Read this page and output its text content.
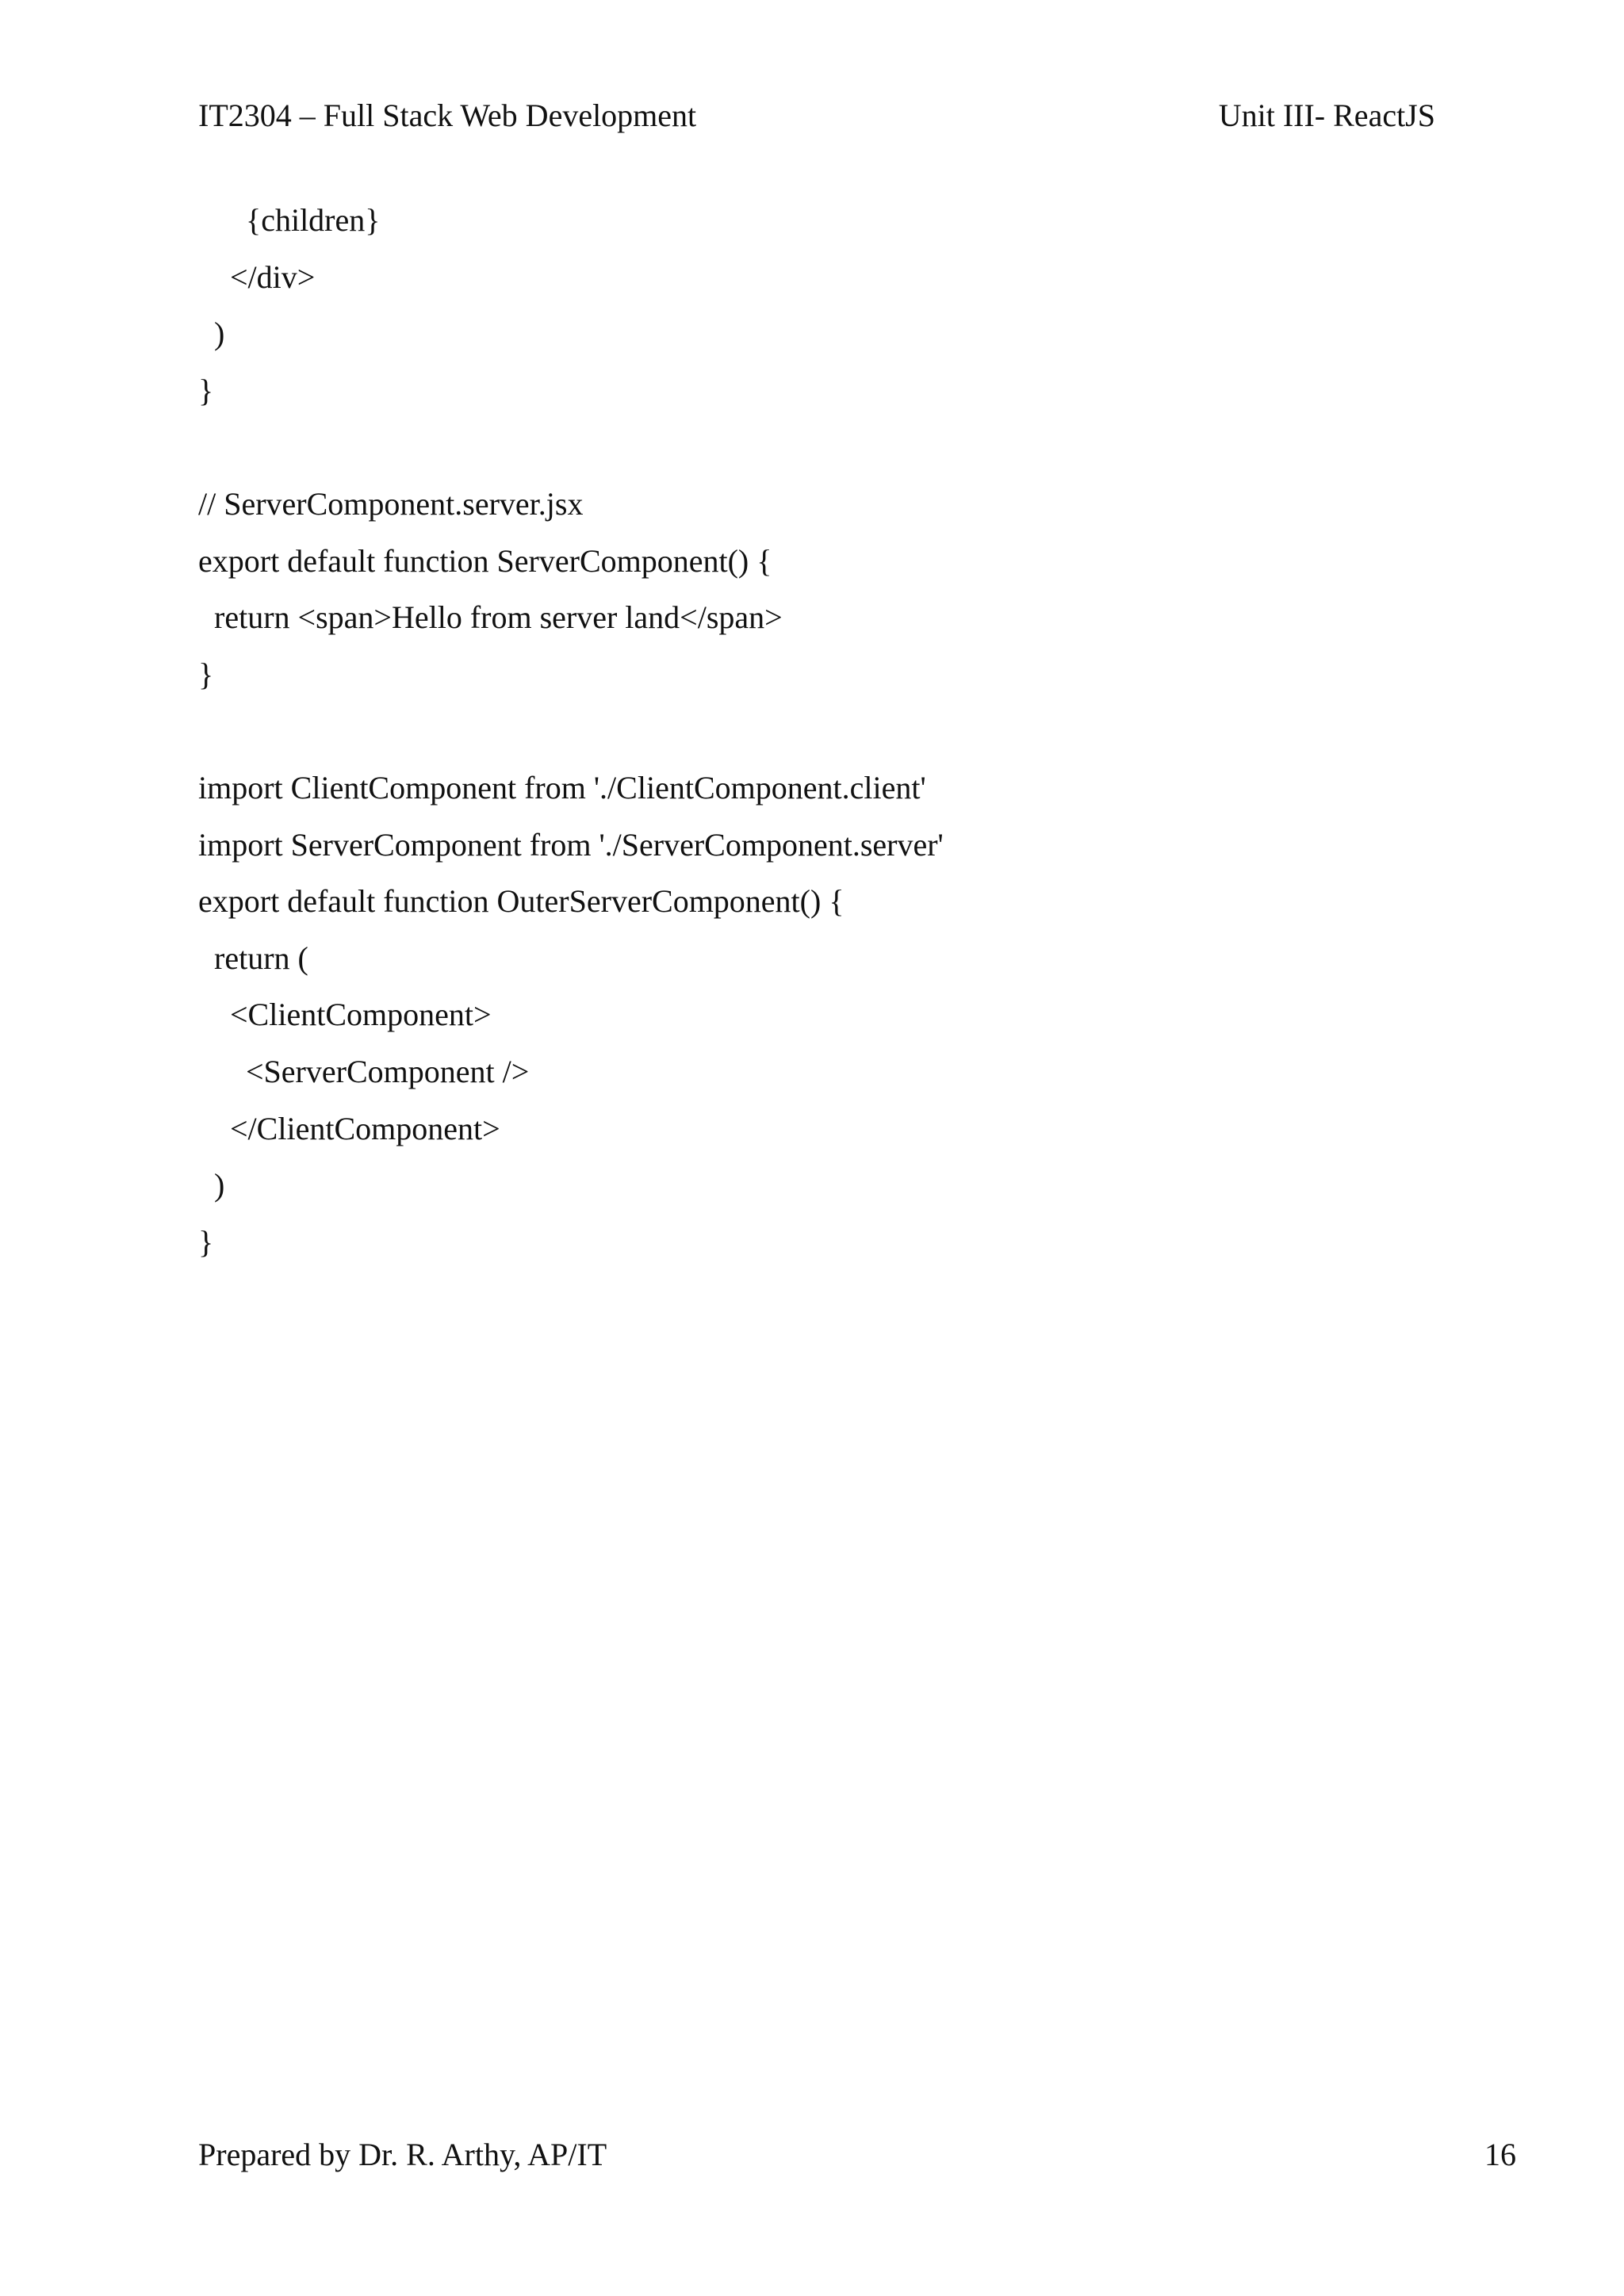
IT2304 – Full Stack Web Development	Unit III- ReactJS
{children}
</div>
)
}
// ServerComponent.server.jsx
export default function ServerComponent() {
return <span>Hello from server land</span>
}
import ClientComponent from './ClientComponent.client'
import ServerComponent from './ServerComponent.server'
export default function OuterServerComponent() {
return (
<ClientComponent>
<ServerComponent />
</ClientComponent>
)
}
Prepared by Dr. R. Arthy, AP/IT	16
